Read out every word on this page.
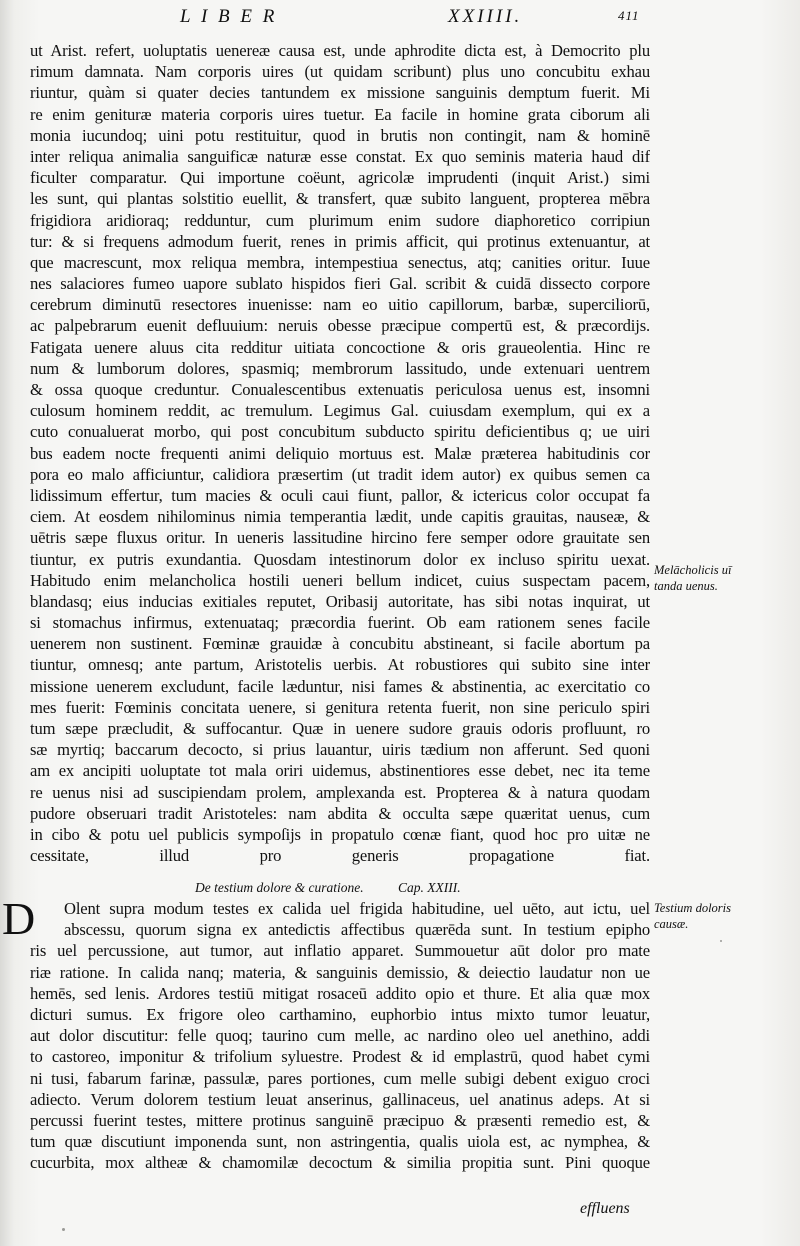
L I B E R	XXIIII.	411
ut Arist. refert, uoluptatis uenereæ causa est, unde aphrodite dicta est, à Democrito plu
rimum damnata. Nam corporis uires (ut quidam scribunt) plus uno concubitu exhau
riuntur, quàm si quater decies tantundem ex missione sanguinis demptum fuerit. Mi
re enim genituræ materia corporis uires tuetur. Ea facile in homine grata ciborum ali
monia iucundoq; uini potu restituitur, quod in brutis non contingit, nam & hominē
inter reliqua animalia sanguificæ naturæ esse constat. Ex quo seminis materia haud dif
ficulter comparatur. Qui importune coëunt, agricolæ imprudenti (inquit Arist.) simi
les sunt, qui plantas solstitio euellit, & transfert, quæ subito languent, propterea mēbra
frigidiora aridioraq; redduntur, cum plurimum enim sudore diaphoretico corripiun
tur: & si frequens admodum fuerit, renes in primis afficit, qui protinus extenuantur, at
que macrescunt, mox reliqua membra, intempestiua senectus, atq; canities oritur. Iuue
nes salaciores fumeo uapore sublato hispidos fieri Gal. scribit & cuidā dissecto corpore
cerebrum diminutū resectores inuenisse: nam eo uitio capillorum, barbæ, superciliorū,
ac palpebrarum euenit defluuium: neruis obesse præcipue compertū est, & præcordijs.
Fatigata uenere aluus cita redditur uitiata concoctione & oris graueolentia. Hinc re
num & lumborum dolores, spasmiq; membrorum lassitudo, unde extenuari uentrem
& ossa quoque creduntur. Conualescentibus extenuatis periculosa uenus est, insomni
culosum hominem reddit, ac tremulum. Legimus Gal. cuiusdam exemplum, qui ex a
cuto conualuerat morbo, qui post concubitum subducto spiritu deficientibus q; ue uiri
bus eadem nocte frequenti animi deliquio mortuus est. Malæ præterea habitudinis cor
pora eo malo afficiuntur, calidiora præsertim (ut tradit idem autor) ex quibus semen ca
lidissimum effertur, tum macies & oculi caui fiunt, pallor, & ictericus color occupat fa
ciem. At eosdem nihilominus nimia temperantia lædit, unde capitis grauitas, nauseæ, &
uētris sæpe fluxus oritur. In ueneris lassitudine hircino fere semper odore grauitate sen
tiuntur, ex putris exundantia. Quosdam intestinorum dolor ex incluso spiritu uexat.
Habitudo enim melancholica hostili ueneri bellum indicet, cuius suspectam pacem,
blandasq; eius inducias exitiales reputet, Oribasij autoritate, has sibi notas inquirat, ut
si stomachus infirmus, extenuataq; præcordia fuerint. Ob eam rationem senes facile
uenerem non sustinent. Fœminæ grauidæ à concubitu abstineant, si facile abortum pa
tiuntur, omnesq; ante partum, Aristotelis uerbis. At robustiores qui subito sine inter
missione uenerem excludunt, facile læduntur, nisi fames & abstinentia, ac exercitatio co
mes fuerit: Fœminis concitata uenere, si genitura retenta fuerit, non sine periculo spiri
tum sæpe præcludit, & suffocantur. Quæ in uenere sudore grauis odoris profluunt, ro
sæ myrtiq; baccarum decocto, si prius lauantur, uiris tædium non afferunt. Sed quoni
am ex ancipiti uoluptate tot mala oriri uidemus, abstinentiores esse debet, nec ita teme
re uenus nisi ad suscipiendam prolem, amplexanda est. Propterea & à natura quodam
pudore obseruari tradit Aristoteles: nam abdita & occulta sæpe quæritat uenus, cum
in cibo & potu uel publicis sympoſijs in propatulo cœnæ fiant, quod hoc pro uitæ ne
cessitate, illud pro generis propagatione fiat.
De testium dolore & curatione.	Cap. XXIII.
D Olent supra modum testes ex calida uel frigida habitudine, uel uēto, aut ictu, uel
abscessu, quorum signa ex antedictis affectibus quærēda sunt. In testium epipho
ris uel percussione, aut tumor, aut inflatio apparet. Summouetur aūt dolor pro mate
riæ ratione. In calida nanq; materia, & sanguinis demissio, & deiectio laudatur non ue
hemēs, sed lenis. Ardores testiū mitigat rosaceū addito opio et thure. Et alia quæ mox
dicturi sumus. Ex frigore oleo carthamino, euphorbio intus mixto tumor leuatur,
aut dolor discutitur: felle quoq; taurino cum melle, ac nardino oleo uel anethino, addi
to castoreo, imponitur & trifolium syluestre. Prodest & id emplastrū, quod habet cymi
ni tusi, fabarum farinæ, passulæ, pares portiones, cum melle subigi debent exiguo croci
adiecto. Verum dolorem testium leuat anserinus, gallinaceus, uel anatinus adeps. At si
percussi fuerint testes, mittere protinus sanguinē præcipuo & præsenti remedio est, &
tum quæ discutiunt imponenda sunt, non astringentia, qualis uiola est, ac nymphea, &
cucurbita, mox altheæ & chamomilæ decoctum & similia propitia sunt. Pini quoque
Melācholicis uī
tanda uenus.
Testium doloris
causæ.
effluens
